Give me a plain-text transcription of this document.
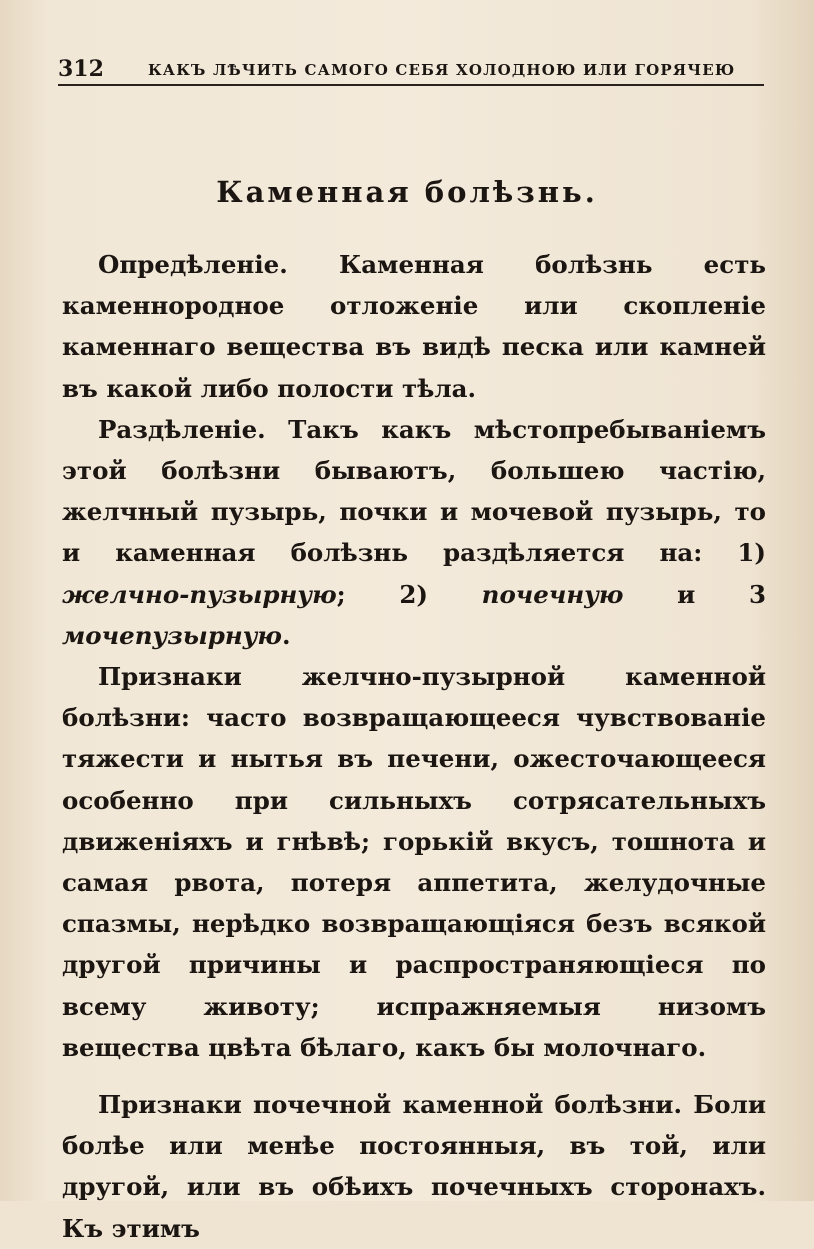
312	КАКЪ ЛѢЧИТЬ САМОГО СЕБЯ ХОЛОДНОЮ ИЛИ ГОРЯЧЕЮ
Каменная болѣзнь.

Опредѣленіе. Каменная болѣзнь есть каменнородное отложеніе или скопленіе каменнаго вещества въ видѣ песка или камней въ какой либо полости тѣла.

Раздѣленіе. Такъ какъ мѣстопребываніемъ этой болѣзни бываютъ, большею частію, желчный пузырь, почки и мочевой пузырь, то и каменная болѣзнь раздѣляется на: 1) желчно-пузырную; 2) почечную и 3 мочепузырную.

Признаки желчно-пузырной каменной болѣзни: часто возвращающееся чувствованіе тяжести и нытья въ печени, ожесточающееся особенно при сильныхъ сотрясательныхъ движеніяхъ и гнѣвѣ; горькій вкусъ, тошнота и самая рвота, потеря аппетита, желудочные спазмы, нерѣдко возвращающіяся безъ всякой другой причины и распространяющіеся по всему животу; испражняемыя низомъ вещества цвѣта бѣлаго, какъ бы молочнаго.

Признаки почечной каменной болѣзни. Боли болѣе или менѣе постоянныя, въ той, или другой, или въ обѣихъ почечныхъ сторонахъ. Къ этимъ
